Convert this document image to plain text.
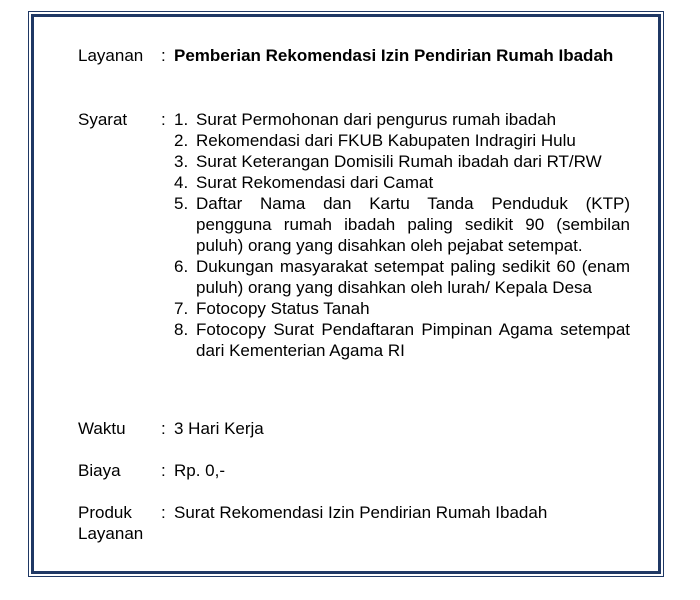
Layanan	: Pemberian Rekomendasi Izin Pendirian Rumah Ibadah
Syarat	: 1. Surat Permohonan dari pengurus rumah ibadah
2. Rekomendasi dari FKUB Kabupaten Indragiri Hulu
3. Surat Keterangan Domisili Rumah ibadah dari RT/RW
4. Surat Rekomendasi dari Camat
5. Daftar Nama dan Kartu Tanda Penduduk (KTP) pengguna rumah ibadah paling sedikit 90 (sembilan puluh) orang yang disahkan oleh pejabat setempat.
6. Dukungan masyarakat setempat paling sedikit 60 (enam puluh) orang yang disahkan oleh lurah/ Kepala Desa
7. Fotocopy Status Tanah
8. Fotocopy Surat Pendaftaran Pimpinan Agama setempat dari Kementerian Agama RI
Waktu	: 3 Hari Kerja
Biaya	: Rp. 0,-
Produk
Layanan
: Surat Rekomendasi Izin Pendirian Rumah Ibadah
